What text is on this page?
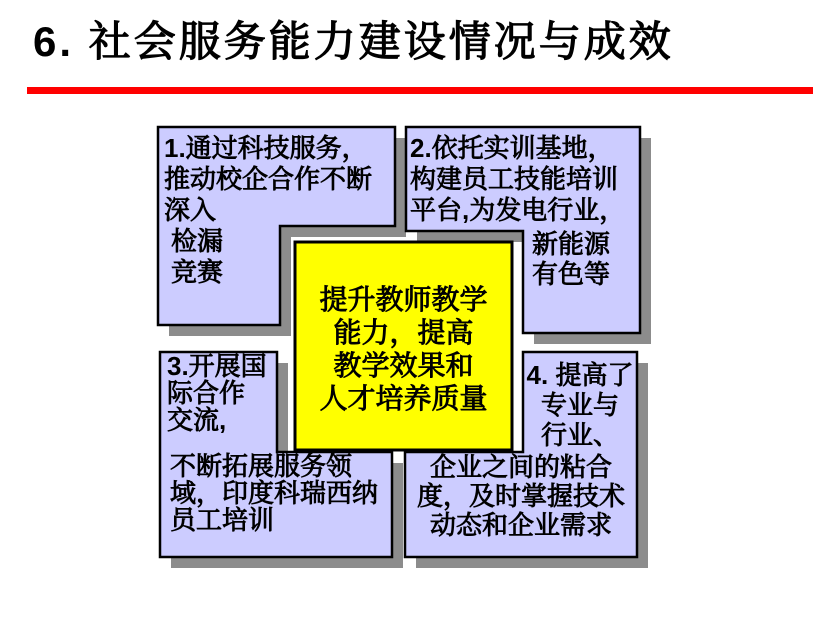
6. 社会服务能力建设情况与成效
1.通过科技服务，
推动校企合作不断
深入
检漏
竞赛
2.依托实训基地，
构建员工技能培训
平台,为发电行业，
新能源
有色等
3.开展国
际合作
交流,
不断拓展服务领
域，印度科瑞西纳
员工培训
4. 提高了
专业与
行业、
企业之间的粘合
度，及时掌握技术
动态和企业需求
提升教师教学
能力，提高
教学效果和
人才培养质量
